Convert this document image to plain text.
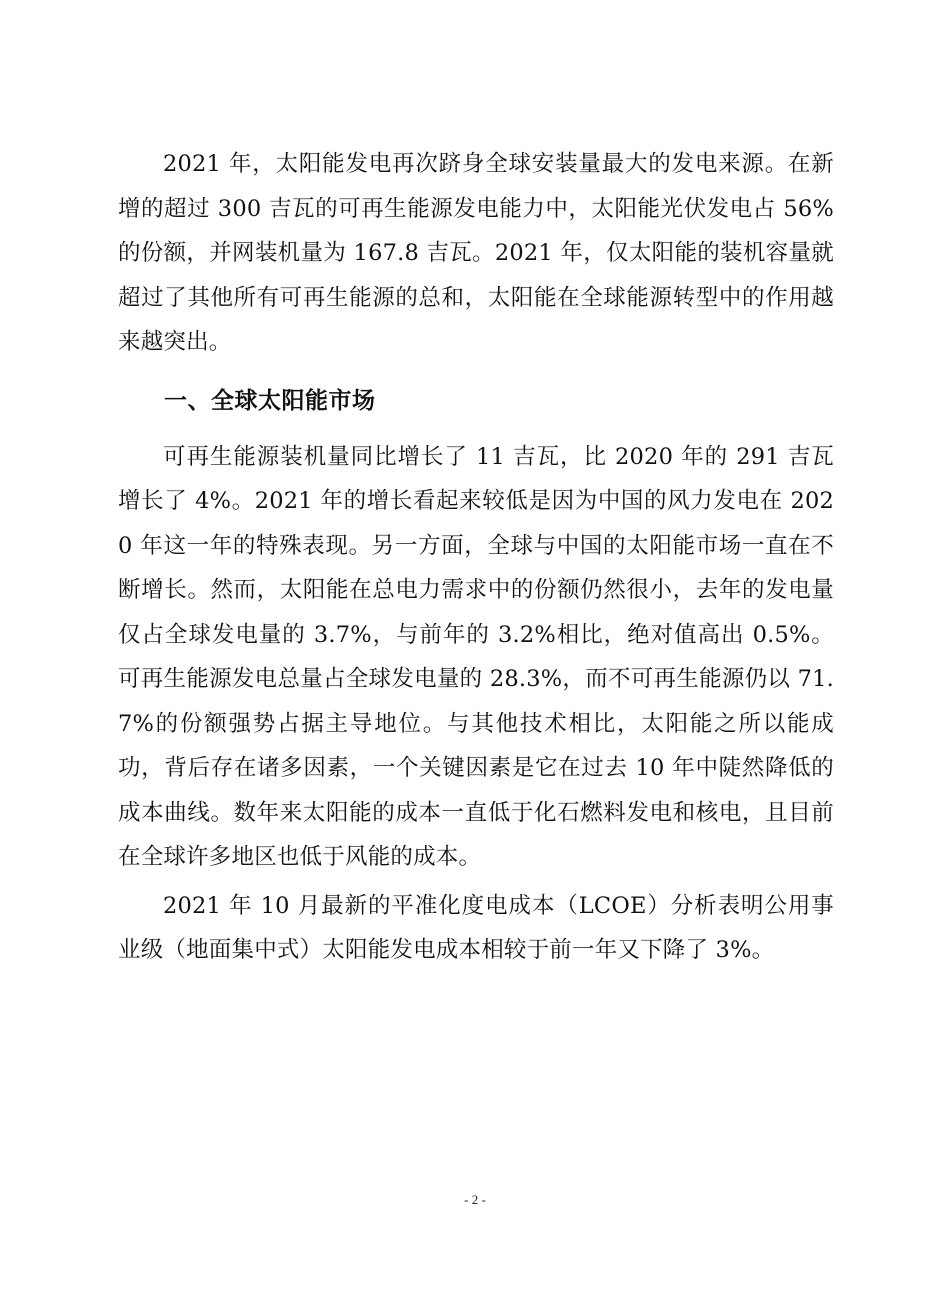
2021 年，太阳能发电再次跻身全球安装量最大的发电来源。在新增的超过 300 吉瓦的可再生能源发电能力中，太阳能光伏发电占 56%的份额，并网装机量为 167.8 吉瓦。2021 年，仅太阳能的装机容量就超过了其他所有可再生能源的总和，太阳能在全球能源转型中的作用越来越突出。

一、全球太阳能市场

可再生能源装机量同比增长了 11 吉瓦，比 2020 年的 291 吉瓦增长了 4%。2021 年的增长看起来较低是因为中国的风力发电在 2020 年这一年的特殊表现。另一方面，全球与中国的太阳能市场一直在不断增长。然而，太阳能在总电力需求中的份额仍然很小，去年的发电量仅占全球发电量的 3.7%，与前年的 3.2%相比，绝对值高出 0.5%。可再生能源发电总量占全球发电量的 28.3%，而不可再生能源仍以 71.7%的份额强势占据主导地位。与其他技术相比，太阳能之所以能成功，背后存在诸多因素，一个关键因素是它在过去 10 年中陡然降低的成本曲线。数年来太阳能的成本一直低于化石燃料发电和核电，且目前在全球许多地区也低于风能的成本。

2021 年 10 月最新的平准化度电成本（LCOE）分析表明公用事业级（地面集中式）太阳能发电成本相较于前一年又下降了 3%。

- 2 -
